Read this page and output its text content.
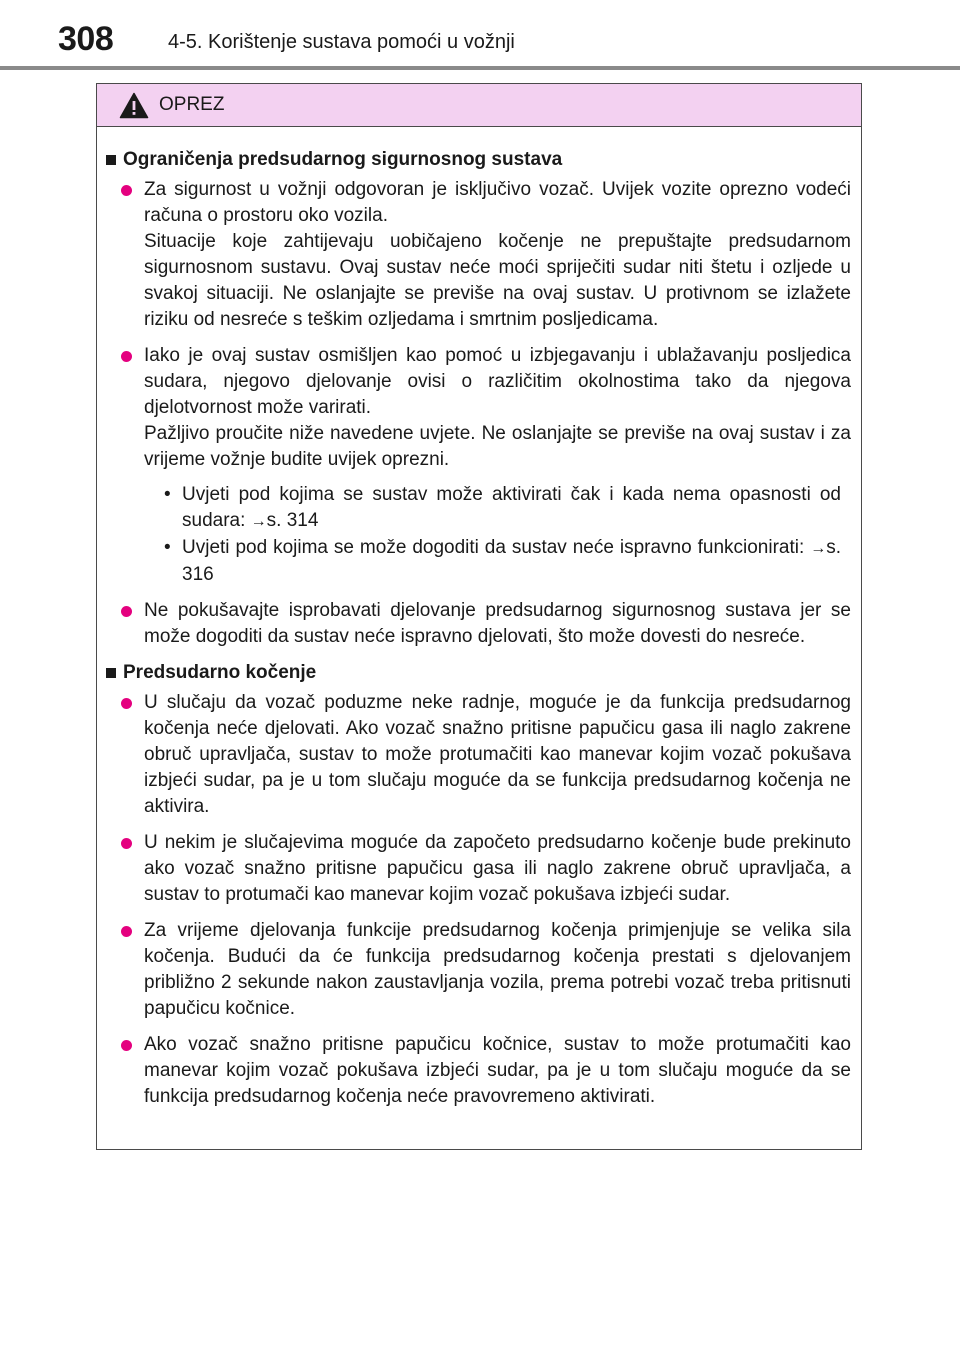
308	4-5. Korištenje sustava pomoći u vožnji
OPREZ
Ograničenja predsudarnog sigurnosnog sustava

Za sigurnost u vožnji odgovoran je isključivo vozač. Uvijek vozite oprezno vodeći računa o prostoru oko vozila.

Situacije koje zahtijevaju uobičajeno kočenje ne prepuštajte predsudarnom sigurnosnom sustavu. Ovaj sustav neće moći spriječiti sudar niti štetu i ozljede u svakoj situaciji. Ne oslanjajte se previše na ovaj sustav. U protivnom se izlažete riziku od nesreće s teškim ozljedama i smrtnim posljedicama.

Iako je ovaj sustav osmišljen kao pomoć u izbjegavanju i ublažavanju posljedica sudara, njegovo djelovanje ovisi o različitim okolnostima tako da njegova djelotvornost može varirati.

Pažljivo proučite niže navedene uvjete. Ne oslanjajte se previše na ovaj sustav i za vrijeme vožnje budite uvijek oprezni.

• Uvjeti pod kojima se sustav može aktivirati čak i kada nema opasnosti od sudara: →s. 314
• Uvjeti pod kojima se može dogoditi da sustav neće ispravno funkcionirati: →s. 316

Ne pokušavajte isprobavati djelovanje predsudarnog sigurnosnog sustava jer se može dogoditi da sustav neće ispravno djelovati, što može dovesti do nesreće.

Predsudarno kočenje

U slučaju da vozač poduzme neke radnje, moguće je da funkcija predsudarnog kočenja neće djelovati. Ako vozač snažno pritisne papučicu gasa ili naglo zakrene obruč upravljača, sustav to može protumačiti kao manevar kojim vozač pokušava izbjeći sudar, pa je u tom slučaju moguće da se funkcija predsudarnog kočenja ne aktivira.

U nekim je slučajevima moguće da započeto predsudarno kočenje bude prekinuto ako vozač snažno pritisne papučicu gasa ili naglo zakrene obruč upravljača, a sustav to protumači kao manevar kojim vozač pokušava izbjeći sudar.

Za vrijeme djelovanja funkcije predsudarnog kočenja primjenjuje se velika sila kočenja. Budući da će funkcija predsudarnog kočenja prestati s djelovanjem približno 2 sekunde nakon zaustavljanja vozila, prema potrebi vozač treba pritisnuti papučicu kočnice.

Ako vozač snažno pritisne papučicu kočnice, sustav to može protumačiti kao manevar kojim vozač pokušava izbjeći sudar, pa je u tom slučaju moguće da se funkcija predsudarnog kočenja neće pravovremeno aktivirati.
